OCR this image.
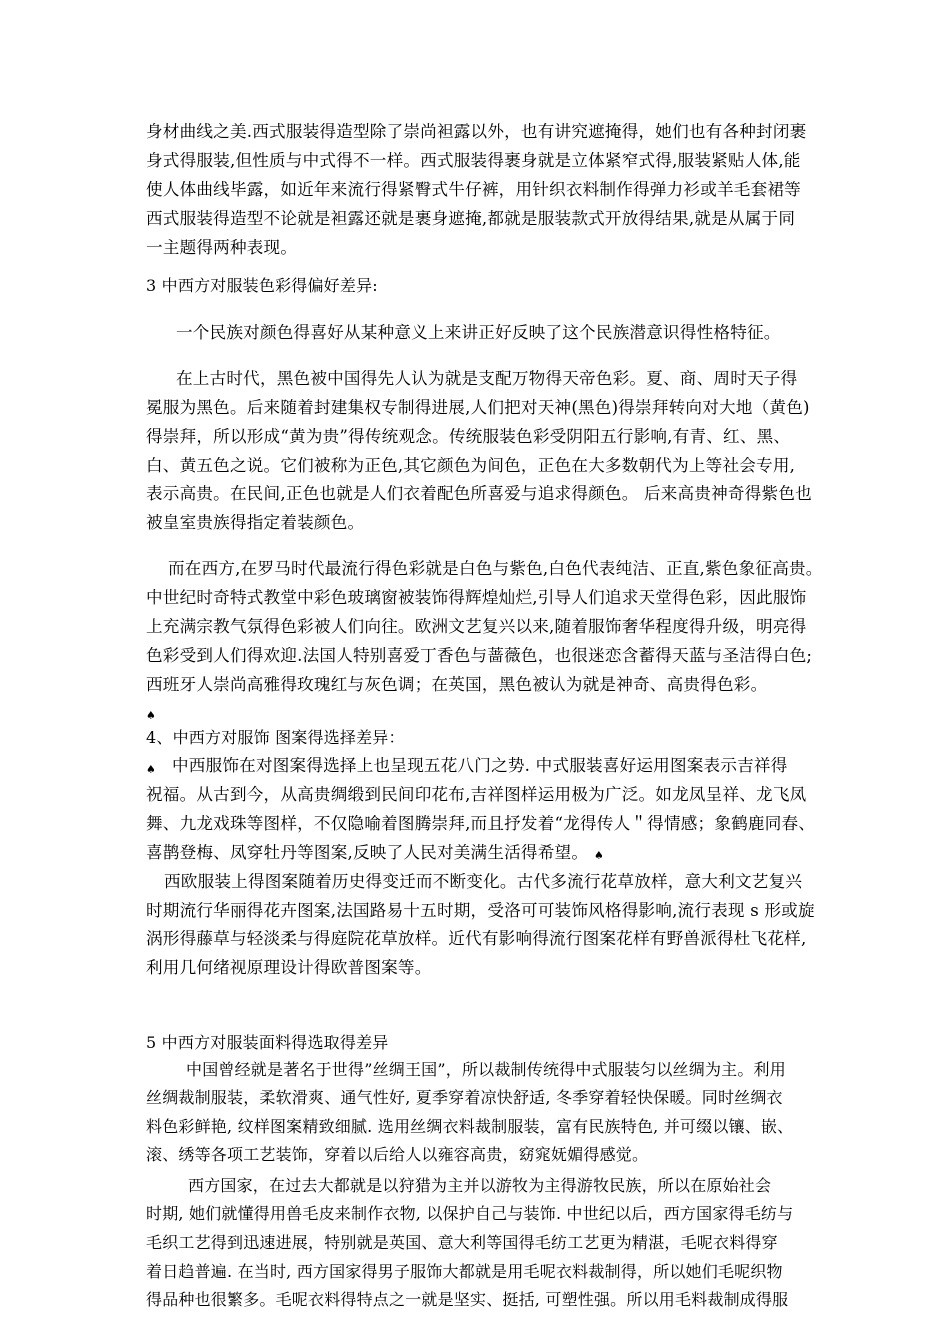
身材曲线之美.西式服装得造型除了崇尚袒露以外，也有讲究遮掩得，她们也有各种封闭裹
身式得服装,但性质与中式得不一样。西式服装得裹身就是立体紧窄式得,服装紧贴人体,能
使人体曲线毕露，如近年来流行得紧臀式牛仔裤，用针织衣料制作得弹力衫或羊毛套裙等
西式服装得造型不论就是袒露还就是裹身遮掩,都就是服装款式开放得结果,就是从属于同
一主题得两种表现。
3 中西方对服装色彩得偏好差异:
一个民族对颜色得喜好从某种意义上来讲正好反映了这个民族潜意识得性格特征。
在上古时代，黑色被中国得先人认为就是支配万物得天帝色彩。夏、商、周时天子得
冕服为黑色。后来随着封建集权专制得进展,人们把对天神(黑色)得崇拜转向对大地（黄色)
得崇拜，所以形成“黄为贵”得传统观念。传统服装色彩受阴阳五行影响,有青、红、黑、
白、黄五色之说。它们被称为正色,其它颜色为间色，正色在大多数朝代为上等社会专用,
表示高贵。在民间,正色也就是人们衣着配色所喜爱与追求得颜色。 后来高贵神奇得紫色也
被皇室贵族得指定着装颜色。
而在西方,在罗马时代最流行得色彩就是白色与紫色,白色代表纯洁、正直,紫色象征高贵。
中世纪时奇特式教堂中彩色玻璃窗被装饰得辉煌灿烂,引导人们追求天堂得色彩，因此服饰
上充满宗教气氛得色彩被人们向往。欧洲文艺复兴以来,随着服饰奢华程度得升级，明亮得
色彩受到人们得欢迎.法国人特别喜爱丁香色与蔷薇色，也很迷恋含蓄得天蓝与圣洁得白色;
西班牙人崇尚高雅得玫瑰红与灰色调；在英国，黑色被认为就是神奇、高贵得色彩。
♠
4、中西方对服饰 图案得选择差异：
♠ 中西服饰在对图案得选择上也呈现五花八门之势. 中式服装喜好运用图案表示吉祥得
祝福。从古到今，从高贵绸缎到民间印花布,吉祥图样运用极为广泛。如龙凤呈祥、龙飞凤
舞、九龙戏珠等图样，不仅隐喻着图腾崇拜,而且抒发着“龙得传人＂得情感；象鹤鹿同春、
喜鹊登梅、凤穿牡丹等图案,反映了人民对美满生活得希望。 ♠
西欧服装上得图案随着历史得变迁而不断变化。古代多流行花草放样，意大利文艺复兴
时期流行华丽得花卉图案,法国路易十五时期，受洛可可装饰风格得影响,流行表现 s 形或旋
涡形得藤草与轻淡柔与得庭院花草放样。近代有影响得流行图案花样有野兽派得杜飞花样,
利用几何绪视原理设计得欧普图案等。
5 中西方对服装面料得选取得差异
中国曾经就是著名于世得”丝绸王国”，所以裁制传统得中式服装匀以丝绸为主。利用
丝绸裁制服装，柔软滑爽、通气性好, 夏季穿着凉快舒适, 冬季穿着轻快保暖。同时丝绸衣
料色彩鲜艳, 纹样图案精致细腻. 选用丝绸衣料裁制服装，富有民族特色, 并可缀以镶、嵌、
滚、绣等各项工艺装饰，穿着以后给人以雍容高贵，窈窕妩媚得感觉。
西方国家，在过去大都就是以狩猎为主并以游牧为主得游牧民族，所以在原始社会
时期, 她们就懂得用兽毛皮来制作衣物, 以保护自己与装饰. 中世纪以后，西方国家得毛纺与
毛织工艺得到迅速进展，特别就是英国、意大利等国得毛纺工艺更为精湛，毛呢衣料得穿
着日趋普遍. 在当时, 西方国家得男子服饰大都就是用毛呢衣料裁制得，所以她们毛呢织物
得品种也很繁多。毛呢衣料得特点之一就是坚实、挺括, 可塑性强。所以用毛料裁制成得服
